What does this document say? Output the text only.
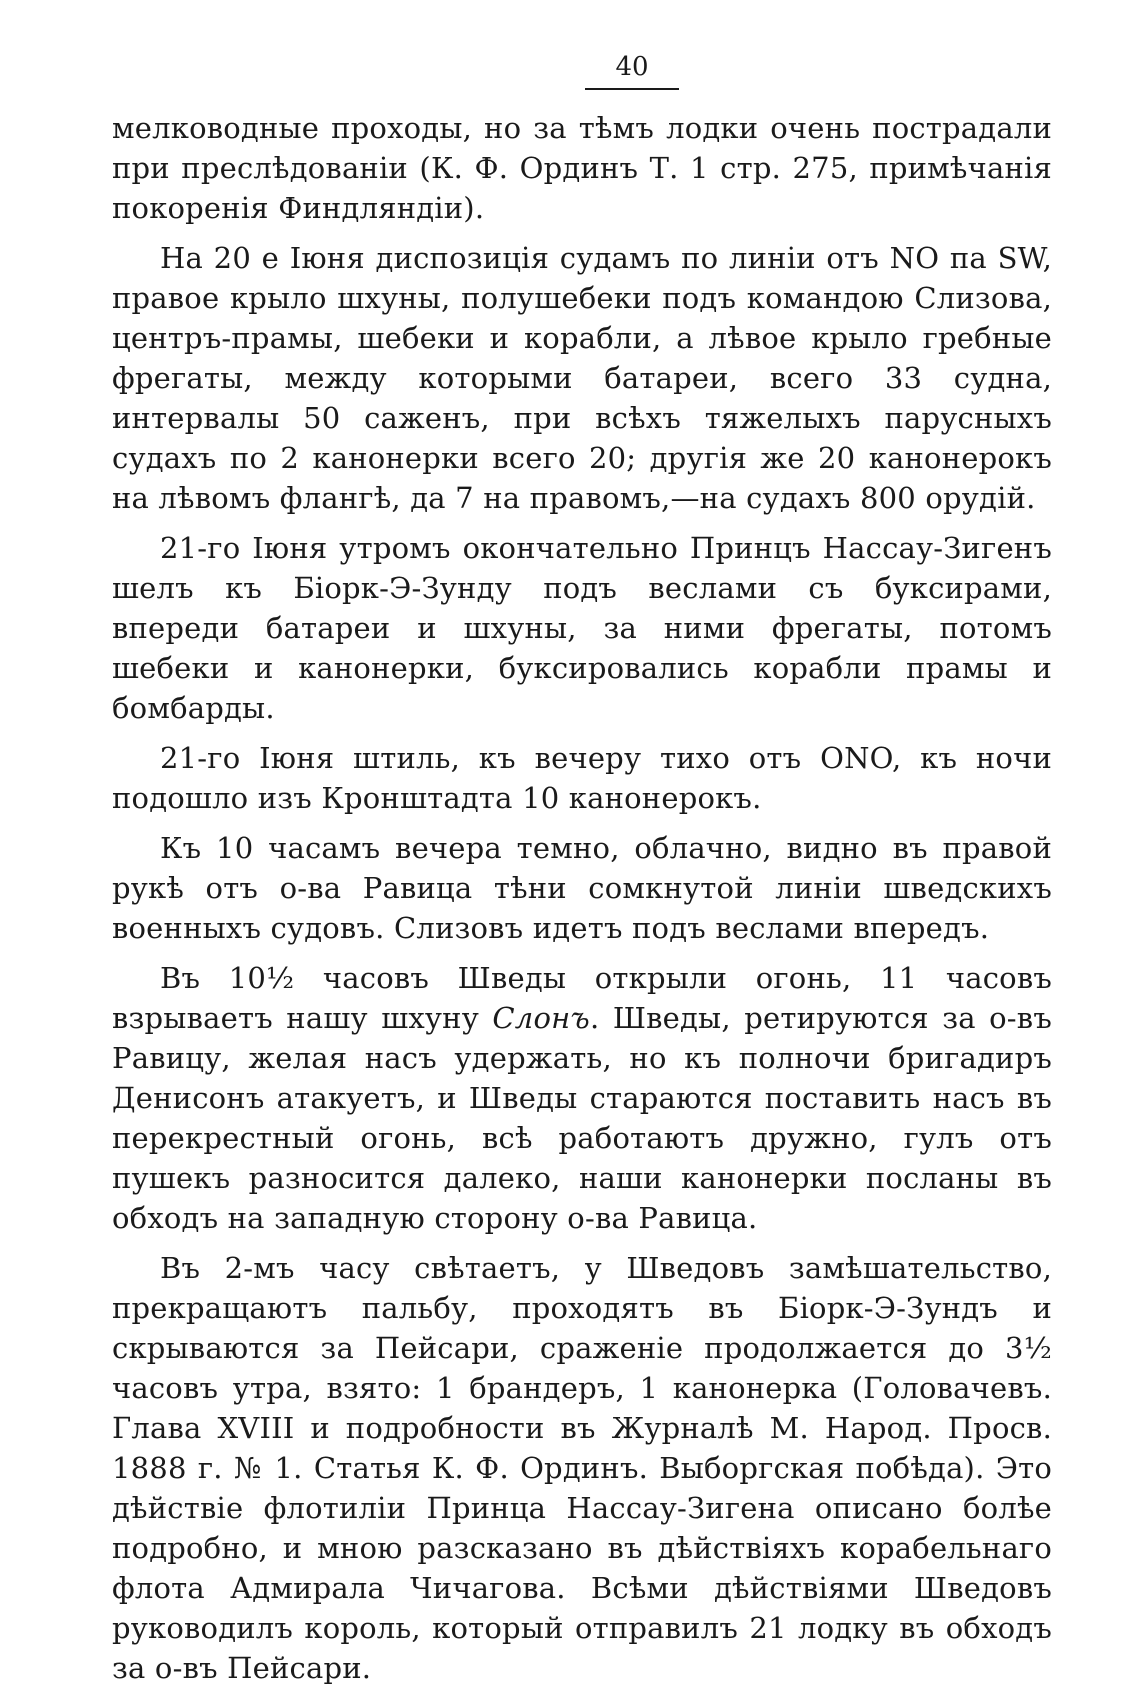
40

мелководные проходы, но за тѣмъ лодки очень пострадали при преслѣдованіи (К. Ф. Ординъ Т. 1 стр. 275, примѣчанія покоренія Финдляндіи).

На 20 е Іюня диспозиція судамъ по линіи отъ NO па SW, правое крыло шхуны, полушебеки подъ командою Слизова, центръ-прамы, шебеки и корабли, а лѣвое крыло гребные фрегаты, между которыми батареи, всего 33 судна, интервалы 50 саженъ, при всѣхъ тяжелыхъ парусныхъ судахъ по 2 канонерки всего 20; другія же 20 канонерокъ на лѣвомъ флангѣ, да 7 на правомъ,—на судахъ 800 орудій.

21-го Іюня утромъ окончательно Принцъ Нассау-Зигенъ шелъ къ Біорк-Э-Зунду подъ веслами съ буксирами, впереди батареи и шхуны, за ними фрегаты, потомъ шебеки и канонерки, буксировались корабли прамы и бомбарды.

21-го Іюня штиль, къ вечеру тихо отъ ONO, къ ночи подошло изъ Кронштадта 10 канонерокъ.

Къ 10 часамъ вечера темно, облачно, видно въ правой рукѣ отъ о-ва Равица тѣни сомкнутой линіи шведскихъ военныхъ судовъ. Слизовъ идетъ подъ веслами впередъ.

Въ 10½ часовъ Шведы открыли огонь, 11 часовъ взрываетъ нашу шхуну Слонъ. Шведы, ретируются за о-въ Равицу, желая насъ удержать, но къ полночи бригадиръ Денисонъ атакуетъ, и Шведы стараются поставить насъ въ перекрестный огонь, всѣ работаютъ дружно, гулъ отъ пушекъ разносится далеко, наши канонерки посланы въ обходъ на западную сторону о-ва Равица.

Въ 2-мъ часу свѣтаетъ, у Шведовъ замѣшательство, прекращаютъ пальбу, проходятъ въ Біорк-Э-Зундъ и скрываются за Пейсари, сраженіе продолжается до 3½ часовъ утра, взято: 1 брандеръ, 1 канонерка (Головачевъ. Глава XVIII и подробности въ Журналѣ М. Народ. Просв. 1888 г. № 1. Статья К. Ф. Ординъ. Выборгская побѣда). Это дѣйствіе флотиліи Принца Нассау-Зигена описано болѣе подробно, и мною разсказано въ дѣйствіяхъ корабельнаго флота Адмирала Чичагова. Всѣми дѣйствіями Шведовъ руководилъ король, который отправилъ 21 лодку въ обходъ за о-въ Пейсари.
